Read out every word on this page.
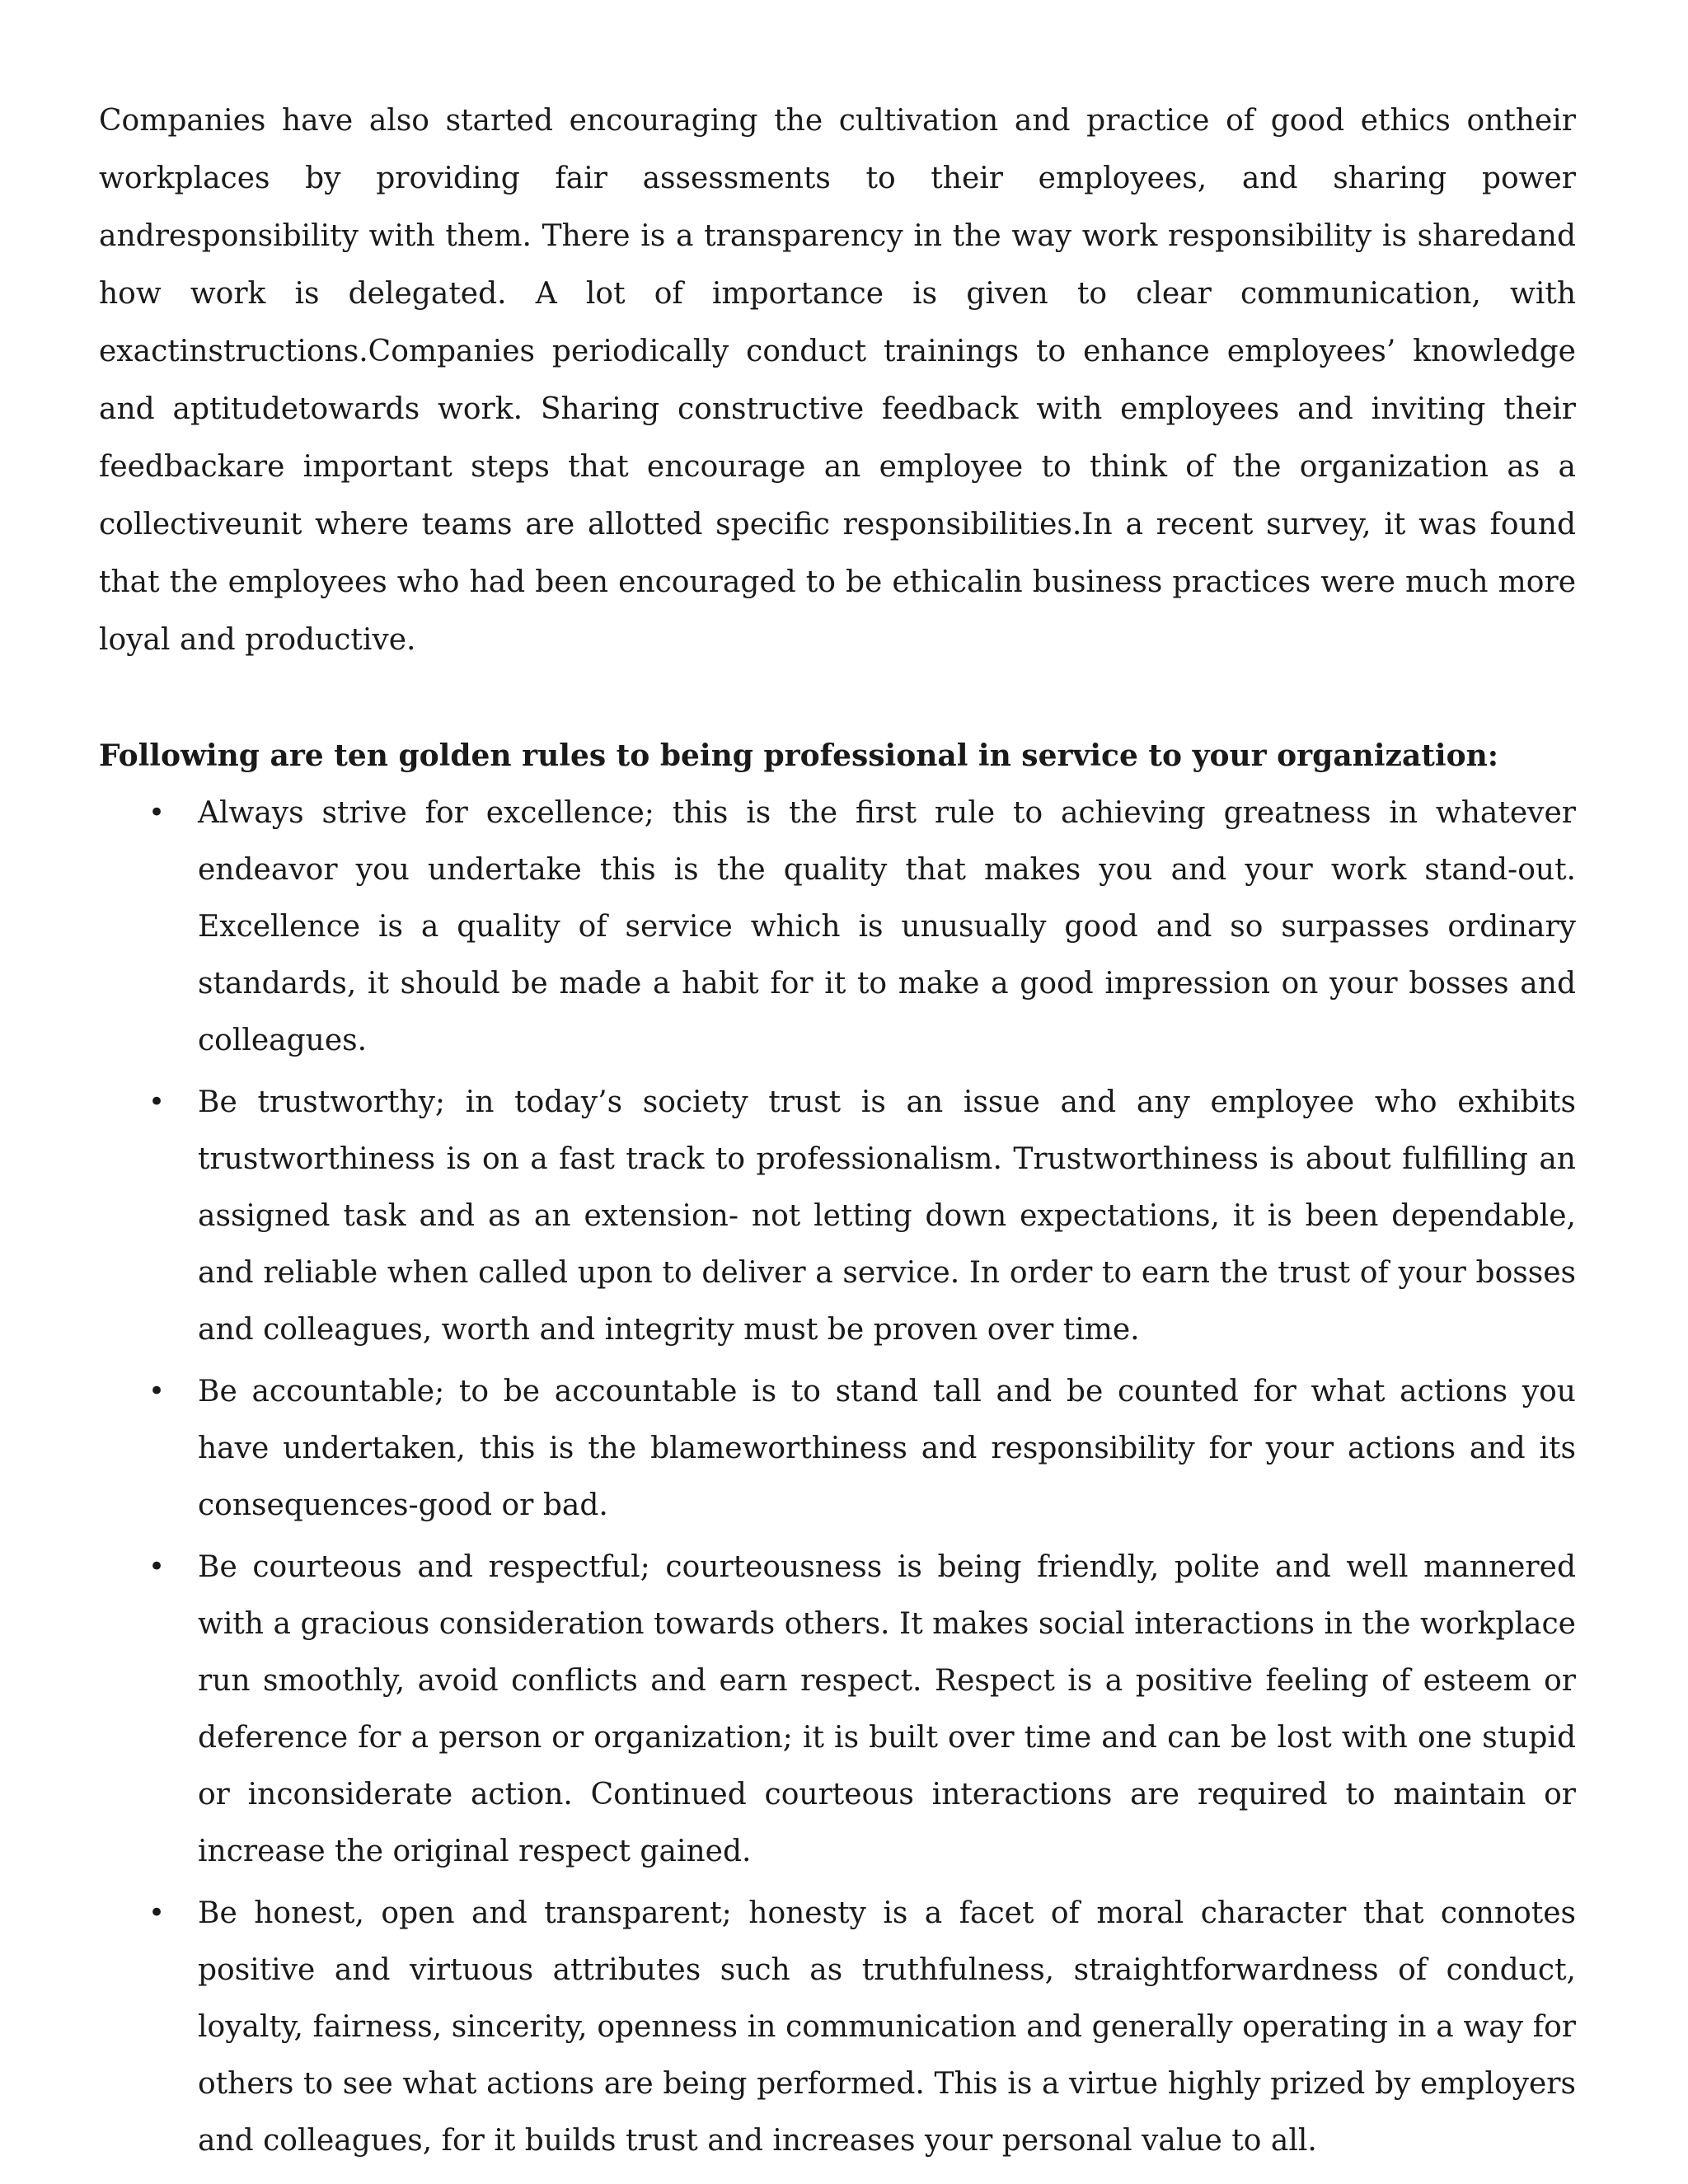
Companies have also started encouraging the cultivation and practice of good ethics ontheir workplaces by providing fair assessments to their employees, and sharing power andresponsibility with them. There is a transparency in the way work responsibility is sharedand how work is delegated. A lot of importance is given to clear communication, with exactinstructions.Companies periodically conduct trainings to enhance employees’ knowledge and aptitudetowards work. Sharing constructive feedback with employees and inviting their feedbackare important steps that encourage an employee to think of the organization as a collectiveunit where teams are allotted specific responsibilities.In a recent survey, it was found that the employees who had been encouraged to be ethicalin business practices were much more loyal and productive.

Following are ten golden rules to being professional in service to your organization:

• Always strive for excellence; this is the first rule to achieving greatness in whatever endeavor you undertake this is the quality that makes you and your work stand-out. Excellence is a quality of service which is unusually good and so surpasses ordinary standards, it should be made a habit for it to make a good impression on your bosses and colleagues.
• Be trustworthy; in today’s society trust is an issue and any employee who exhibits trustworthiness is on a fast track to professionalism. Trustworthiness is about fulfilling an assigned task and as an extension- not letting down expectations, it is been dependable, and reliable when called upon to deliver a service. In order to earn the trust of your bosses and colleagues, worth and integrity must be proven over time.
• Be accountable; to be accountable is to stand tall and be counted for what actions you have undertaken, this is the blameworthiness and responsibility for your actions and its consequences-good or bad.
• Be courteous and respectful; courteousness is being friendly, polite and well mannered with a gracious consideration towards others. It makes social interactions in the workplace run smoothly, avoid conflicts and earn respect. Respect is a positive feeling of esteem or deference for a person or organization; it is built over time and can be lost with one stupid or inconsiderate action. Continued courteous interactions are required to maintain or increase the original respect gained.
• Be honest, open and transparent; honesty is a facet of moral character that connotes positive and virtuous attributes such as truthfulness, straightforwardness of conduct, loyalty, fairness, sincerity, openness in communication and generally operating in a way for others to see what actions are being performed. This is a virtue highly prized by employers and colleagues, for it builds trust and increases your personal value to all.
